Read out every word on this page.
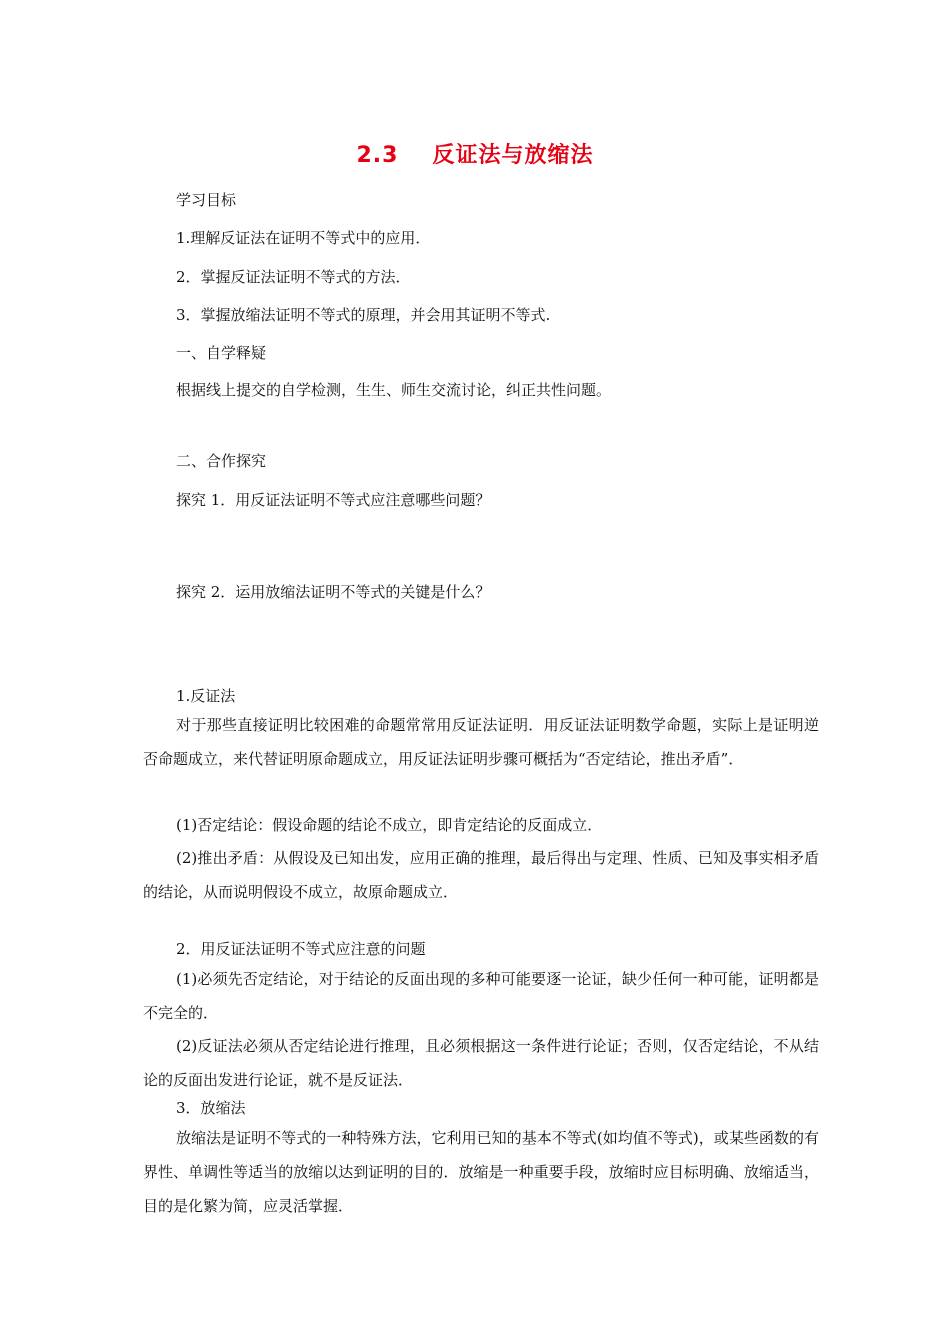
2.3 反证法与放缩法
学习目标
1.理解反证法在证明不等式中的应用．
2．掌握反证法证明不等式的方法．
3．掌握放缩法证明不等式的原理，并会用其证明不等式.
一、自学释疑
根据线上提交的自学检测，生生、师生交流讨论，纠正共性问题。
二、合作探究
探究 1．用反证法证明不等式应注意哪些问题？
探究 2．运用放缩法证明不等式的关键是什么？
1.反证法
对于那些直接证明比较困难的命题常常用反证法证明．用反证法证明数学命题，实际上是证明逆否命题成立，来代替证明原命题成立，用反证法证明步骤可概括为“否定结论，推出矛盾”．
(1)否定结论：假设命题的结论不成立，即肯定结论的反面成立．
(2)推出矛盾：从假设及已知出发，应用正确的推理，最后得出与定理、性质、已知及事实相矛盾的结论，从而说明假设不成立，故原命题成立．
2．用反证法证明不等式应注意的问题
(1)必须先否定结论，对于结论的反面出现的多种可能要逐一论证，缺少任何一种可能，证明都是不完全的．
(2)反证法必须从否定结论进行推理，且必须根据这一条件进行论证；否则，仅否定结论，不从结论的反面出发进行论证，就不是反证法．
3．放缩法
放缩法是证明不等式的一种特殊方法，它利用已知的基本不等式(如均值不等式)，或某些函数的有界性、单调性等适当的放缩以达到证明的目的．放缩是一种重要手段，放缩时应目标明确、放缩适当，目的是化繁为简，应灵活掌握．
